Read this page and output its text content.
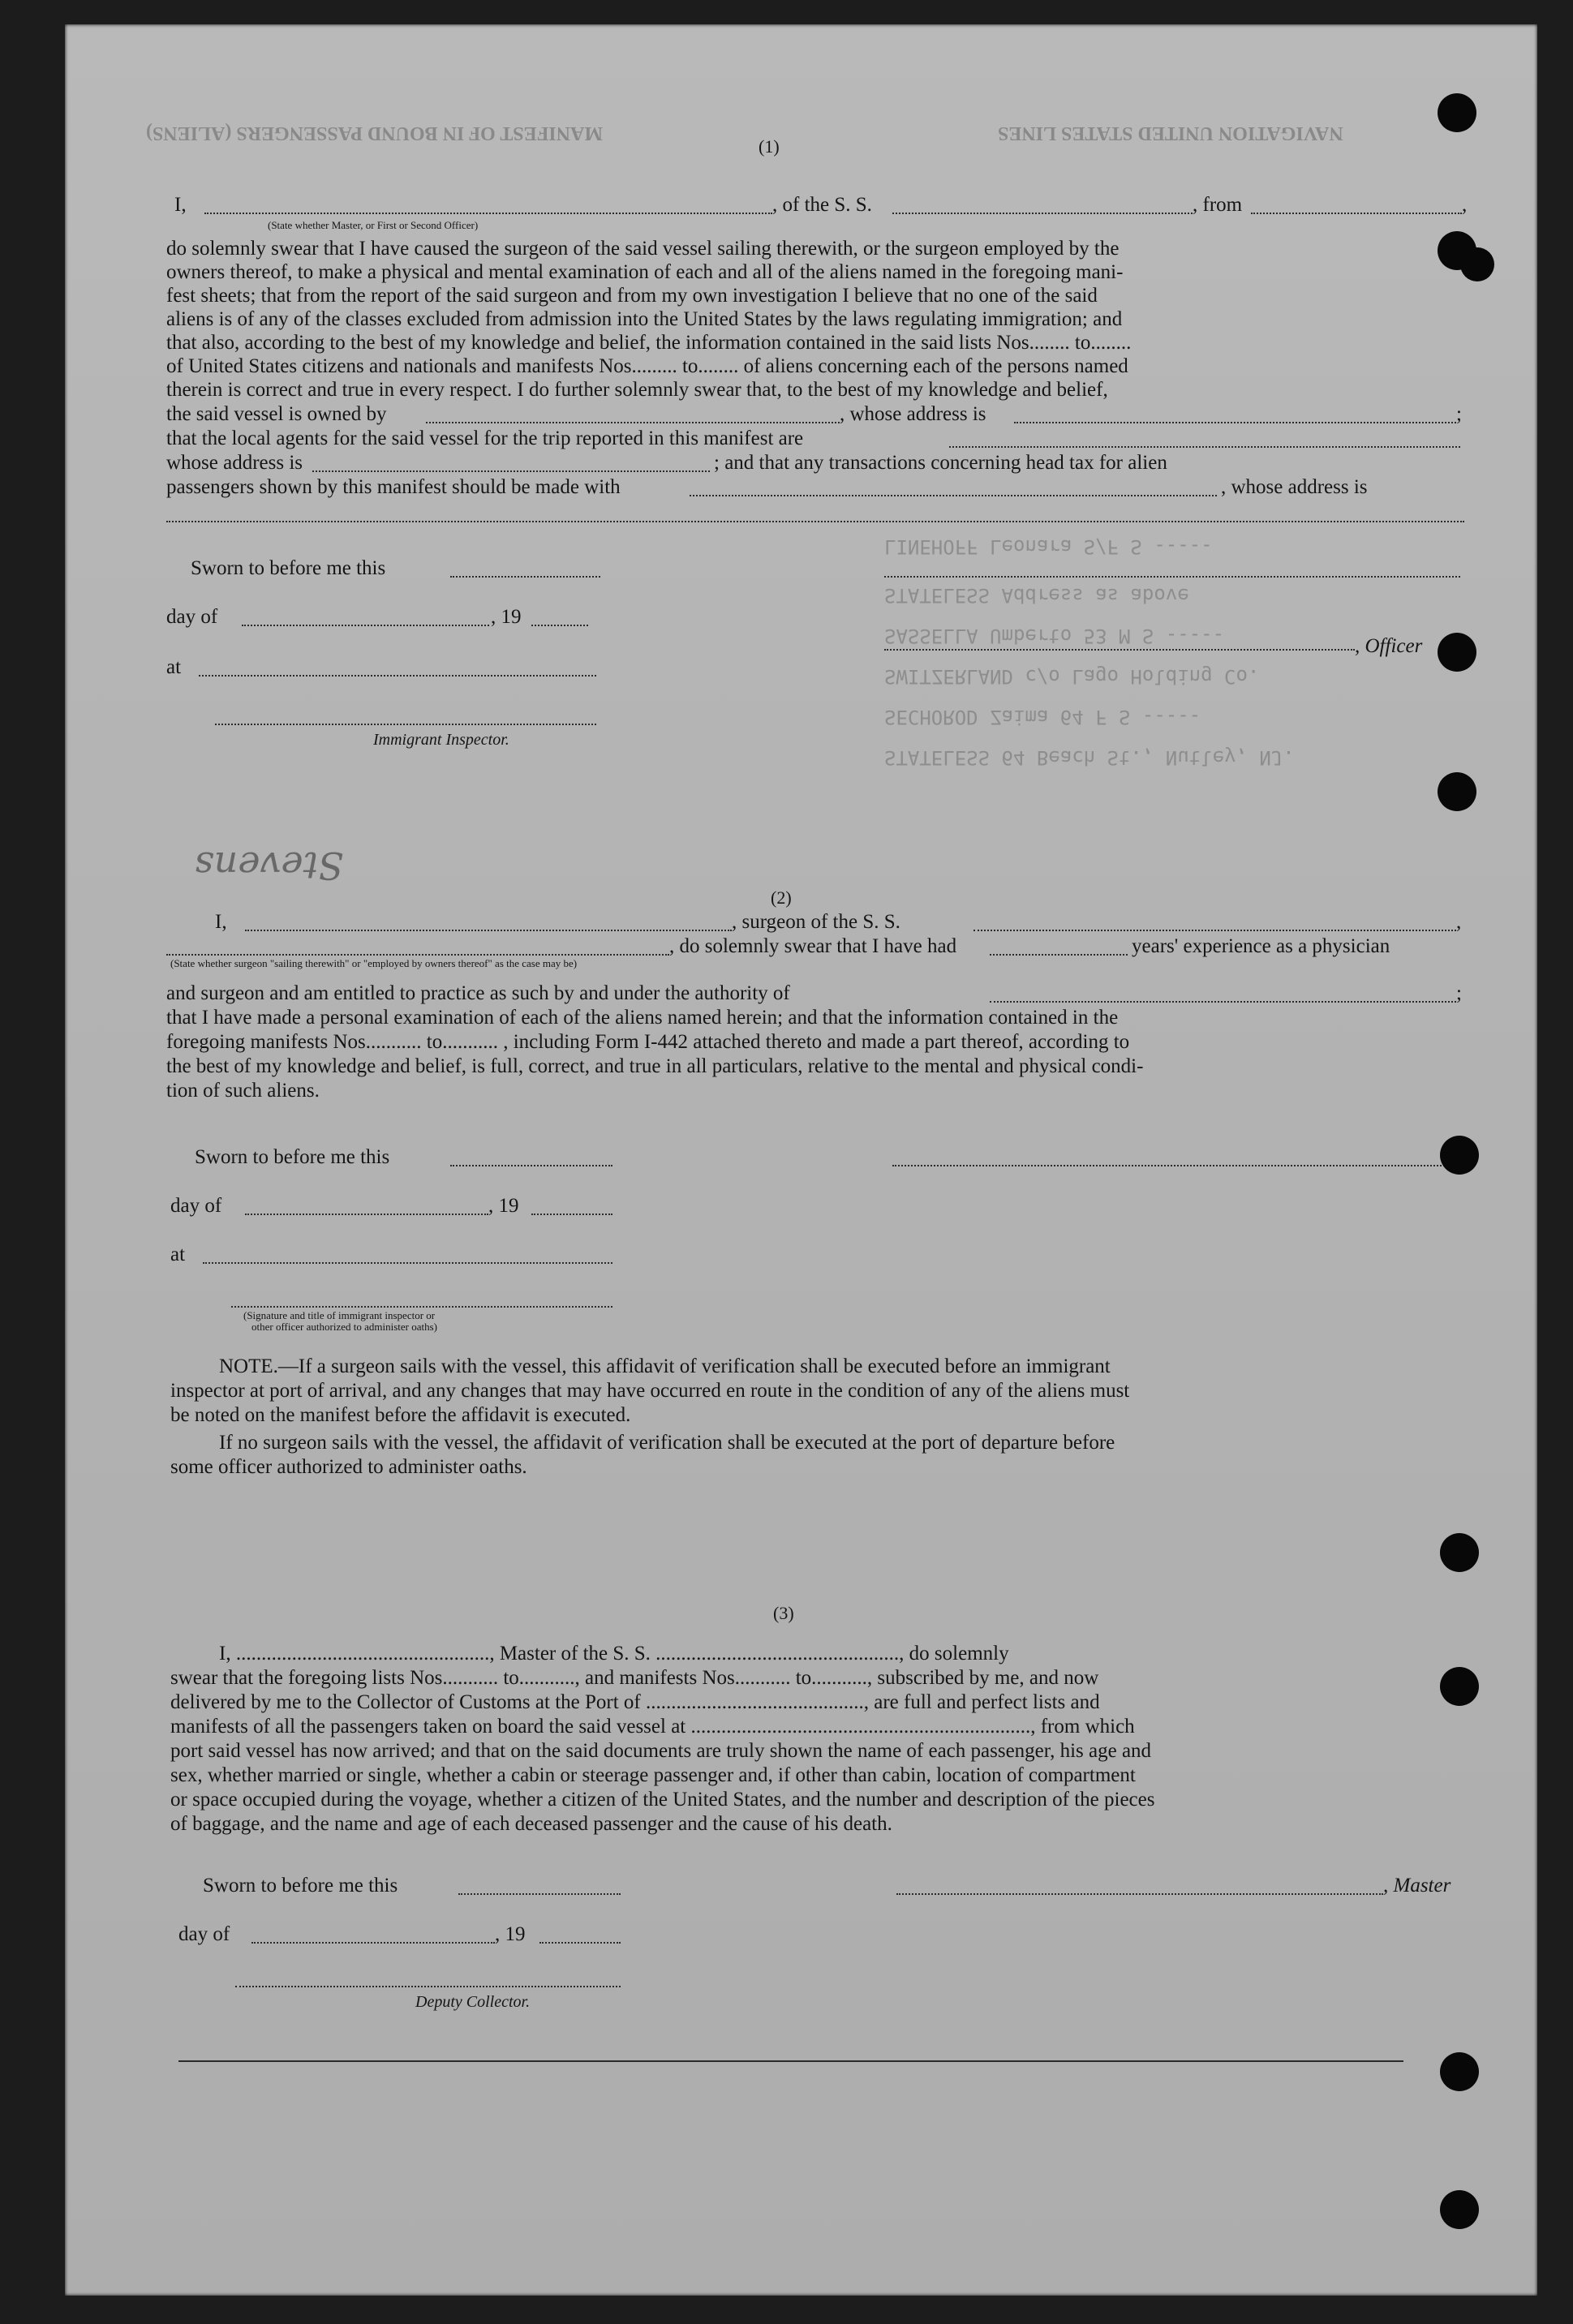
LINEHOFF Leonara S/F S -----
STATELESS Address as above
SASSELLA Umberto 53 M S -----
SWITZERLAND c/o Lago Holding Co.
SECHOROD Zaima 64 F S -----
STATELESS 64 Beach St., Nutley, NJ.
MANIFEST OF IN BOUND PASSENGERS (ALIENS)	NAVIGATION UNITED STATES LINES
Stevens
(1)
I,	, of the S. S.	, from	,
(State whether Master, or First or Second Officer)
do solemnly swear that I have caused the surgeon of the said vessel sailing therewith, or the surgeon employed by the
owners thereof, to make a physical and mental examination of each and all of the aliens named in the foregoing mani-
fest sheets; that from the report of the said surgeon and from my own investigation I believe that no one of the said
aliens is of any of the classes excluded from admission into the United States by the laws regulating immigration; and
that also, according to the best of my knowledge and belief, the information contained in the said lists Nos........ to........
of United States citizens and nationals and manifests Nos......... to........ of aliens concerning each of the persons named
therein is correct and true in every respect. I do further solemnly swear that, to the best of my knowledge and belief,
the said vessel is owned by	, whose address is	;
that the local agents for the said vessel for the trip reported in this manifest are
whose address is	; and that any transactions concerning head tax for alien
passengers shown by this manifest should be made with	, whose address is
Sworn to before me this
day of	, 19
, Officer
at
Immigrant Inspector.
(2)
I,	, surgeon of the S. S.	,
, do solemnly swear that I have had	years' experience as a physician
(State whether surgeon "sailing therewith" or "employed by owners thereof" as the case may be)
and surgeon and am entitled to practice as such by and under the authority of	;
that I have made a personal examination of each of the aliens named herein; and that the information contained in the
foregoing manifests Nos........... to........... , including Form I-442 attached thereto and made a part thereof, according to
the best of my knowledge and belief, is full, correct, and true in all particulars, relative to the mental and physical condi-
tion of such aliens.
Sworn to before me this
day of	, 19
at
(Signature and title of immigrant inspector or
other officer authorized to administer oaths)
NOTE.—If a surgeon sails with the vessel, this affidavit of verification shall be executed before an immigrant
inspector at port of arrival, and any changes that may have occurred en route in the condition of any of the aliens must
be noted on the manifest before the affidavit is executed.
If no surgeon sails with the vessel, the affidavit of verification shall be executed at the port of departure before
some officer authorized to administer oaths.
(3)
I, .................................................., Master of the S. S. ................................................, do solemnly
swear that the foregoing lists Nos........... to..........., and manifests Nos........... to..........., subscribed by me, and now
delivered by me to the Collector of Customs at the Port of ..........................................., are full and perfect lists and
manifests of all the passengers taken on board the said vessel at ..................................................................., from which
port said vessel has now arrived; and that on the said documents are truly shown the name of each passenger, his age and
sex, whether married or single, whether a cabin or steerage passenger and, if other than cabin, location of compartment
or space occupied during the voyage, whether a citizen of the United States, and the number and description of the pieces
of baggage, and the name and age of each deceased passenger and the cause of his death.
Sworn to before me this	, Master
day of	, 19
Deputy Collector.
